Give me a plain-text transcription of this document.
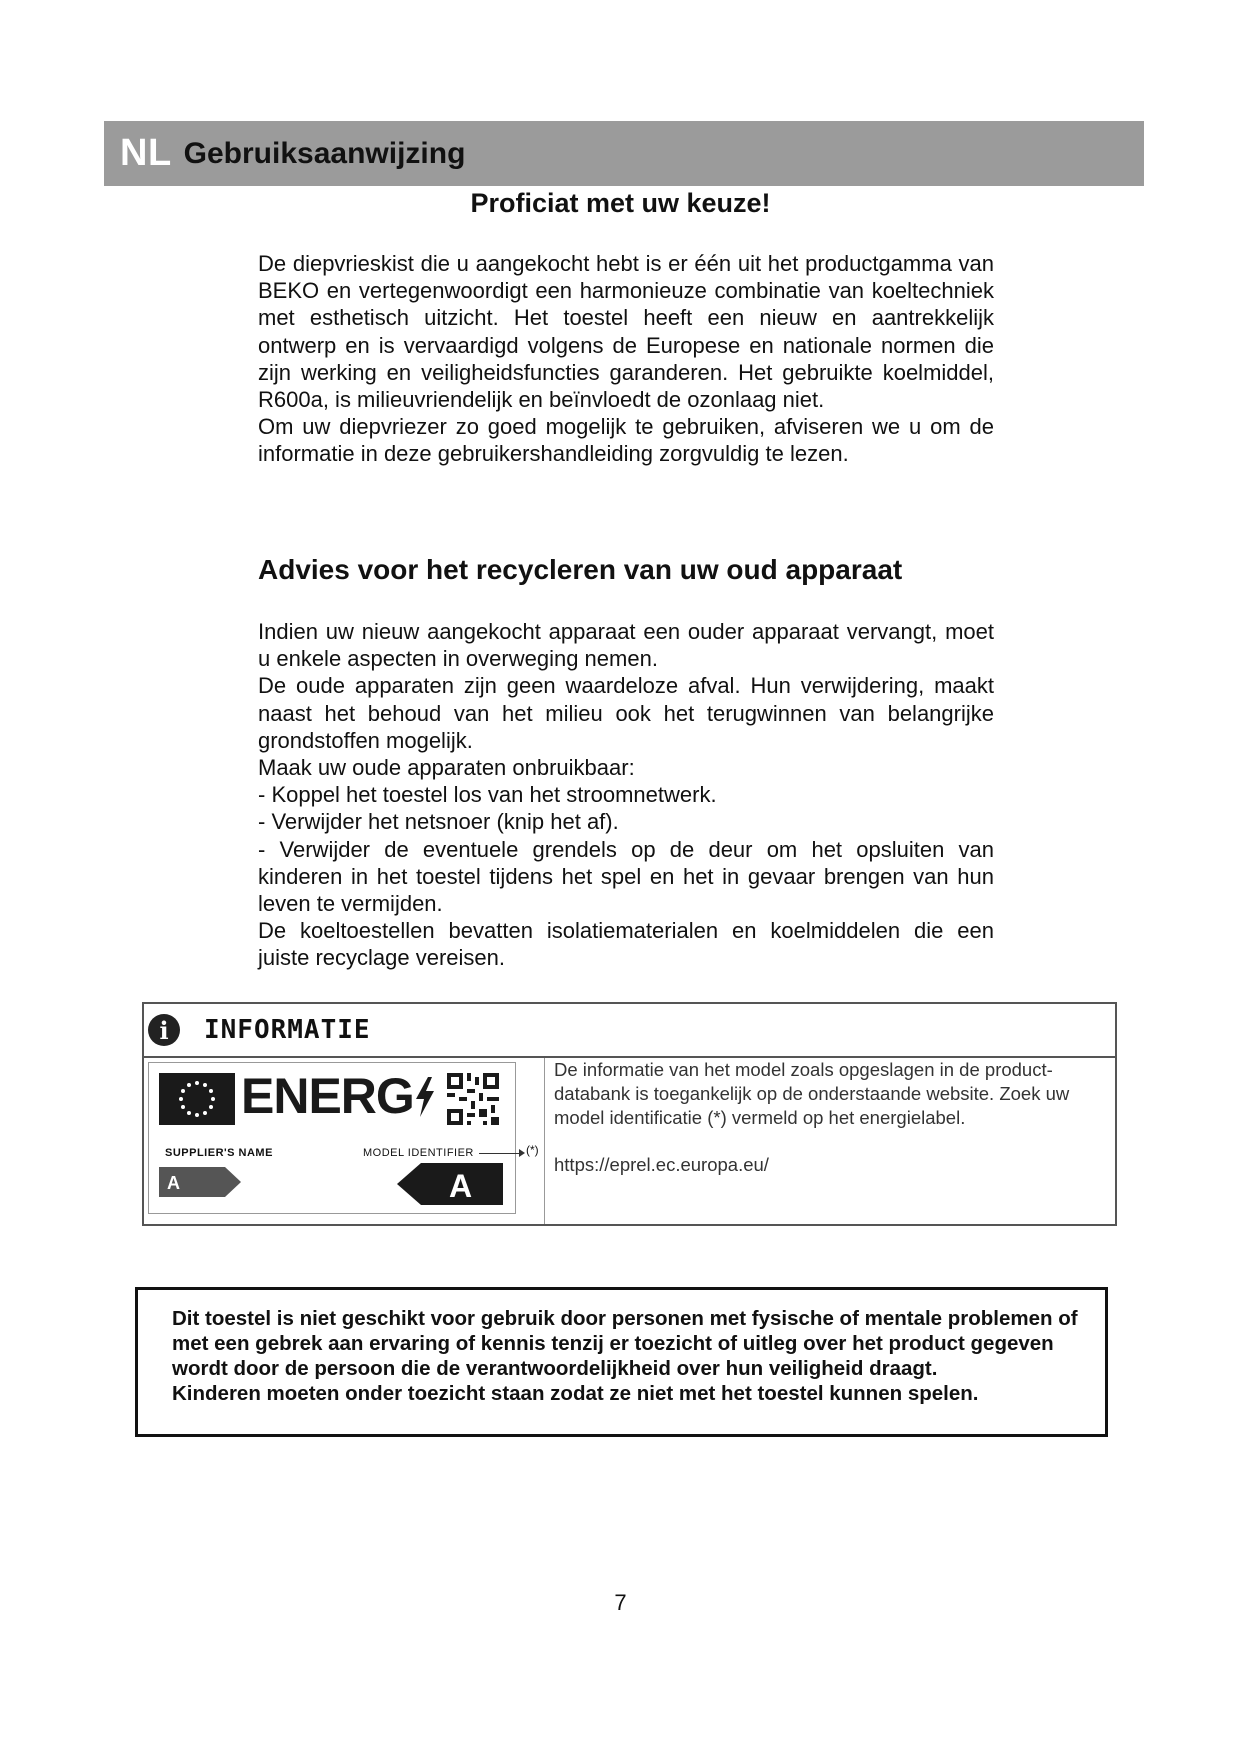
NL Gebruiksaanwijzing
Proficiat met uw keuze!

De diepvrieskist die u aangekocht hebt is er één uit het productgamma van BEKO en vertegenwoordigt een harmonieuze combinatie van koeltechniek met esthetisch uitzicht. Het toestel heeft een nieuw en aantrekkelijk ontwerp en is vervaardigd volgens de Europese en nationale normen die zijn werking en veiligheidsfuncties garanderen. Het gebruikte koelmiddel, R600a, is milieuvriendelijk en beïnvloedt de ozonlaag niet.

Om uw diepvriezer zo goed mogelijk te gebruiken, afviseren we u om de informatie in deze gebruikershandleiding zorgvuldig te lezen.

Advies voor het recycleren van uw oud apparaat

Indien uw nieuw aangekocht apparaat een ouder apparaat vervangt, moet u enkele aspecten in overweging nemen.

De oude apparaten zijn geen waardeloze afval. Hun verwijdering, maakt naast het behoud van het milieu ook het terugwinnen van belangrijke grondstoffen mogelijk.

Maak uw oude apparaten onbruikbaar:

- Koppel het toestel los van het stroomnetwerk.

- Verwijder het netsnoer (knip het af).

- Verwijder de eventuele grendels op de deur om het opsluiten van kinderen in het toestel tijdens het spel en het in gevaar brengen van hun leven te vermijden.

De koeltoestellen bevatten isolatiematerialen en koelmiddelen die een juiste recyclage vereisen.

i	INFORMATIE
ENERG
SUPPLIER'S NAME	MODEL IDENTIFIER	(*)
A	A
De informatie van het model zoals opgeslagen in de product-databank is toegankelijk op de onderstaande website. Zoek uw model identificatie (*) vermeld op het energielabel.
https://eprel.ec.europa.eu/

Dit toestel is niet geschikt voor gebruik door personen met fysische of mentale problemen of met een gebrek aan ervaring of kennis tenzij er toezicht of uitleg over het product gegeven wordt door de persoon die de verantwoordelijkheid over hun veiligheid draagt.

Kinderen moeten onder toezicht staan zodat ze niet met het toestel kunnen spelen.

7
